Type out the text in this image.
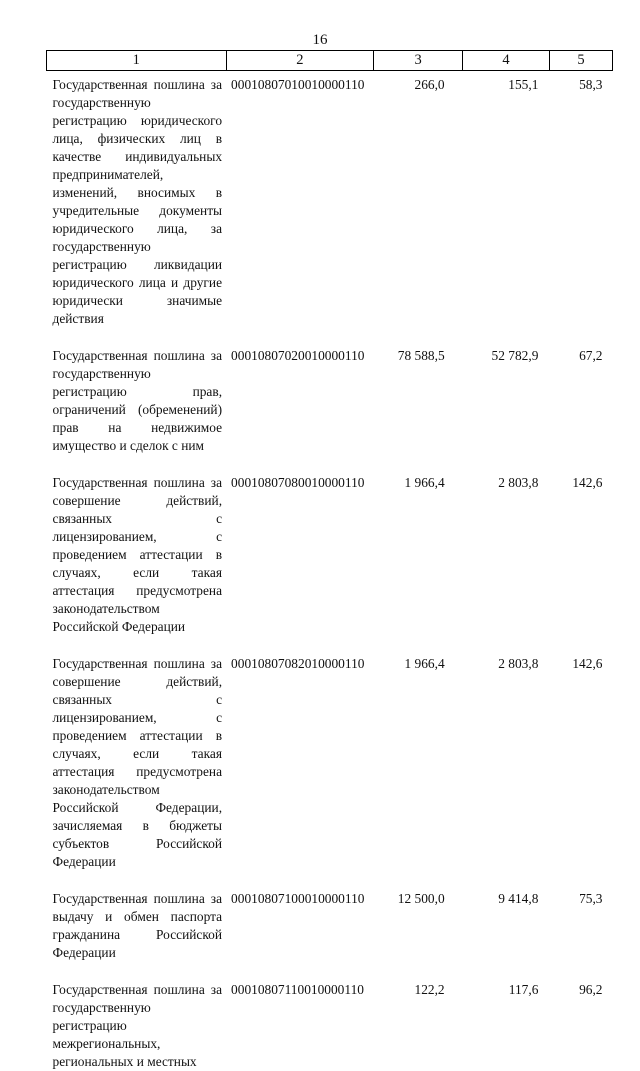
16
1	2	3	4	5
Государственная пошлина за государственную регистрацию юридического лица, физических лиц в качестве индивидуальных предпринимателей, изменений, вносимых в учредительные документы юридического лица, за государственную регистрацию ликвидации юридического лица и другие юридически значимые действия	00010807010010000110	266,0	155,1	58,3
Государственная пошлина за государственную регистрацию прав, ограничений (обременений) прав на недвижимое имущество и сделок с ним	00010807020010000110	78 588,5	52 782,9	67,2
Государственная пошлина за совершение действий, связанных с лицензированием, с проведением аттестации в случаях, если такая аттестация предусмотрена законодательством Российской Федерации	00010807080010000110	1 966,4	2 803,8	142,6
Государственная пошлина за совершение действий, связанных с лицензированием, с проведением аттестации в случаях, если такая аттестация предусмотрена законодательством Российской Федерации, зачисляемая в бюджеты субъектов Российской Федерации	00010807082010000110	1 966,4	2 803,8	142,6
Государственная пошлина за выдачу и обмен паспорта гражданина Российской Федерации	00010807100010000110	12 500,0	9 414,8	75,3
Государственная пошлина за государственную регистрацию межрегиональных, региональных и местных	00010807110010000110	122,2	117,6	96,2
